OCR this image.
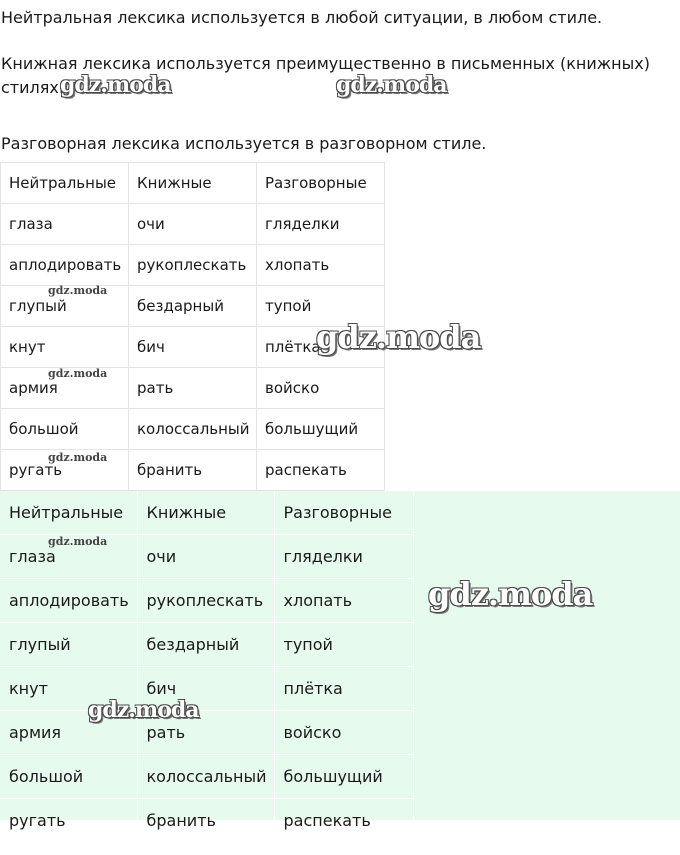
Нейтральная лексика используется в любой ситуации, в любом стиле.

Книжная лексика используется преимущественно в письменных (книжных)
стилях.

Разговорная лексика используется в разговорном стиле.

Нейтральные	Книжные	Разговорные
глаза	очи	гляделки
аплодировать	рукоплескать	хлопать
глупый	бездарный	тупой
кнут	бич	плётка
армия	рать	войско
большой	колоссальный	большущий
ругать	бранить	распекать
Нейтральные	Книжные	Разговорные
глаза	очи	гляделки
аплодировать	рукоплескать	хлопать
глупый	бездарный	тупой
кнут	бич	плётка
армия	рать	войско
большой	колоссальный	большущий
ругать	бранить	распекать
gdz.moda	gdz.moda
gdz.moda
gdz.moda
gdz.moda
gdz.moda
gdz.moda
gdz.moda
gdz.moda
